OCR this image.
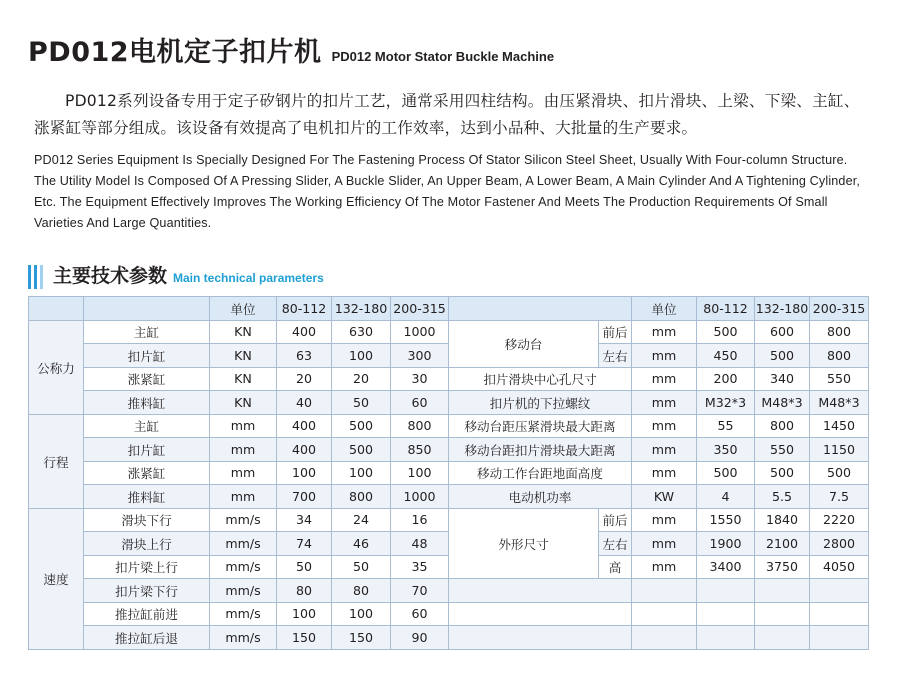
PD012电机定子扣片机 PD012 Motor Stator Buckle Machine
PD012系列设备专用于定子矽钢片的扣片工艺，通常采用四柱结构。由压紧滑块、扣片滑块、上梁、下梁、主缸、涨紧缸等部分组成。该设备有效提高了电机扣片的工作效率，达到小品种、大批量的生产要求。
PD012 Series Equipment Is Specially Designed For The Fastening Process Of Stator Silicon Steel Sheet, Usually With Four-column Structure. The Utility Model Is Composed Of A Pressing Slider, A Buckle Slider, An Upper Beam, A Lower Beam, A Main Cylinder And A Tightening Cylinder, Etc. The Equipment Effectively Improves The Working Efficiency Of The Motor Fastener And Meets The Production Requirements Of Small Varieties And Large Quantities.
主要技术参数 Main technical parameters
		单位	80-112	132-180	200-315			单位	80-112	132-180	200-315
公称力	主缸	KN	400	630	1000	移动台	前后	mm	500	600	800
	扣片缸	KN	63	100	300		左右	mm	450	500	800
	涨紧缸	KN	20	20	30	扣片滑块中心孔尺寸		mm	200	340	550
	推料缸	KN	40	50	60	扣片机的下拉螺纹		mm	M32*3	M48*3	M48*3
行程	主缸	mm	400	500	800	移动台距压紧滑块最大距离		mm	55	800	1450
	扣片缸	mm	400	500	850	移动台距扣片滑块最大距离		mm	350	550	1150
	涨紧缸	mm	100	100	100	移动工作台距地面高度		mm	500	500	500
	推料缸	mm	700	800	1000	电动机功率		KW	4	5.5	7.5
速度	滑块下行	mm/s	34	24	16	外形尺寸	前后	mm	1550	1840	2220
	滑块上行	mm/s	74	46	48		左右	mm	1900	2100	2800
	扣片梁上行	mm/s	50	50	35		高	mm	3400	3750	4050
	扣片梁下行	mm/s	80	80	70						
	推拉缸前进	mm/s	100	100	60						
	推拉缸后退	mm/s	150	150	90						
